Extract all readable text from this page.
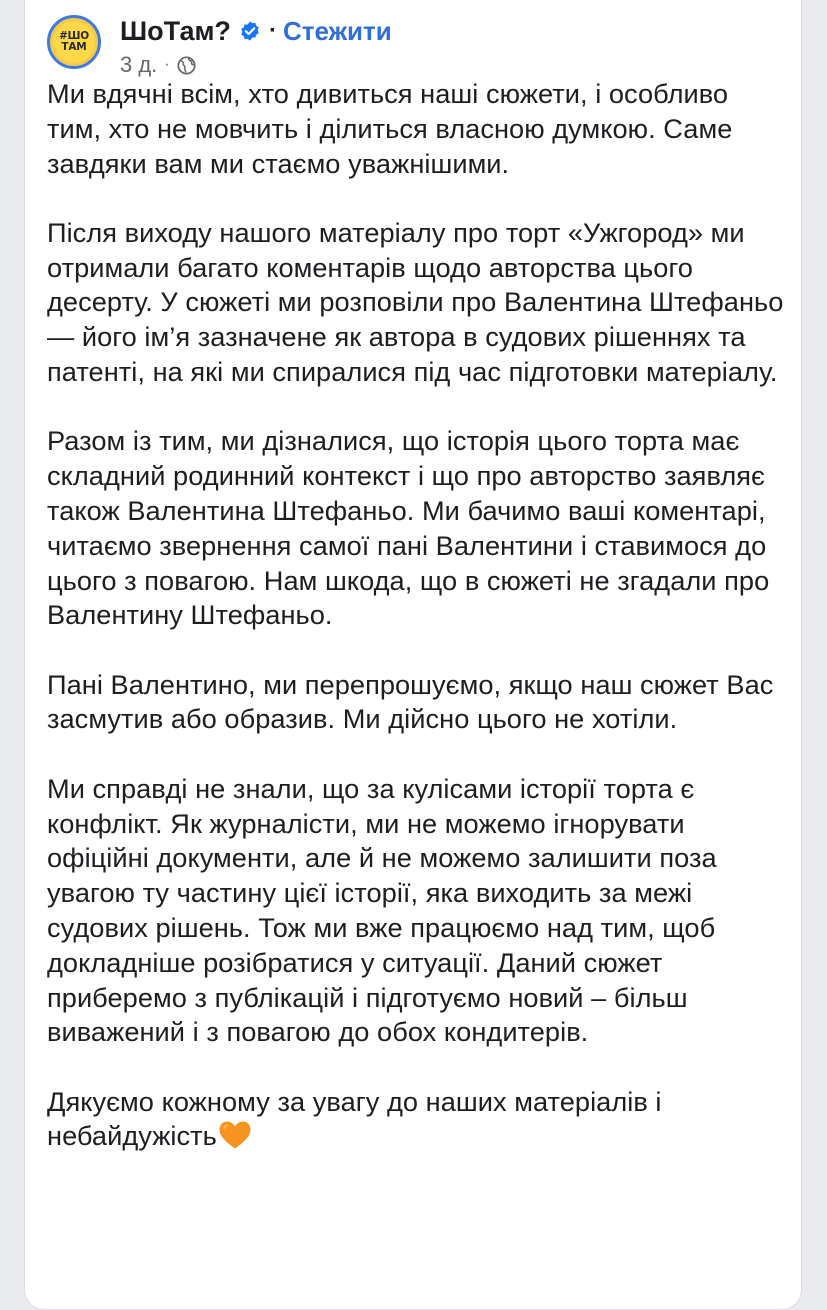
#ШО
ТАМ
ШоТам? · Стежити
3 д. ·

Ми вдячні всім, хто дивиться наші сюжети, і особливо тим, хто не мовчить і ділиться власною думкою. Саме завдяки вам ми стаємо уважнішими.

Після виходу нашого матеріалу про торт «Ужгород» ми отримали багато коментарів щодо авторства цього десерту. У сюжеті ми розповіли про Валентина Штефаньо — його ім’я зазначене як автора в судових рішеннях та патенті, на які ми спиралися під час підготовки матеріалу.

Разом із тим, ми дізналися, що історія цього торта має складний родинний контекст і що про авторство заявляє також Валентина Штефаньо. Ми бачимо ваші коментарі, читаємо звернення самої пані Валентини і ставимося до цього з повагою. Нам шкода, що в сюжеті не згадали про Валентину Штефаньо.

Пані Валентино, ми перепрошуємо, якщо наш сюжет Вас засмутив або образив. Ми дійсно цього не хотіли.

Ми справді не знали, що за кулісами історії торта є конфлікт. Як журналісти, ми не можемо ігнорувати офіційні документи, але й не можемо залишити поза увагою ту частину цієї історії, яка виходить за межі судових рішень. Тож ми вже працюємо над тим, щоб докладніше розібратися у ситуації. Даний сюжет приберемо з публікацій і підготуємо новий – більш виважений і з повагою до обох кондитерів.

Дякуємо кожному за увагу до наших матеріалів і небайдужість
